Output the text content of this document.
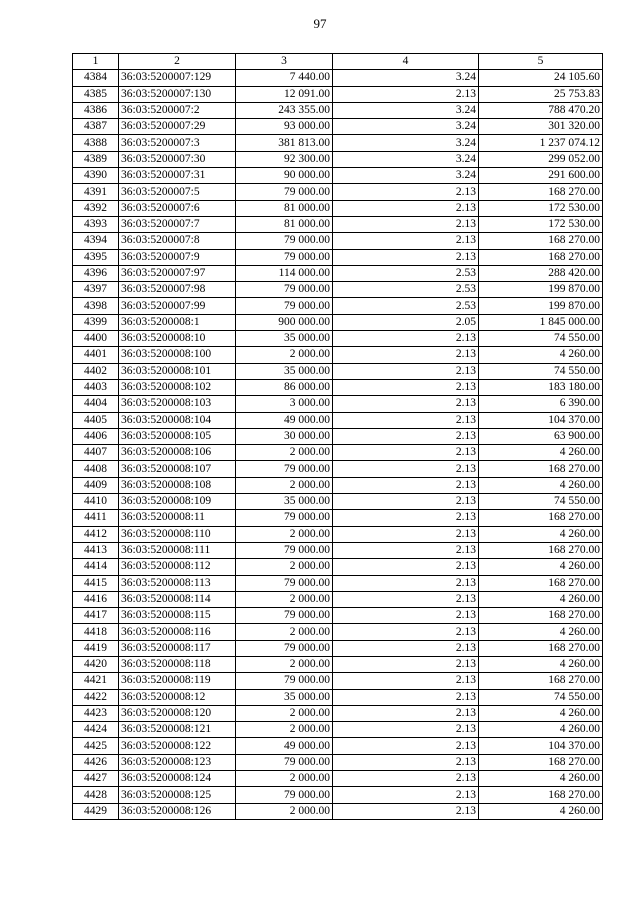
97
1	2	3	4	5
4384	36:03:5200007:129	7 440.00	3.24	24 105.60
4385	36:03:5200007:130	12 091.00	2.13	25 753.83
4386	36:03:5200007:2	243 355.00	3.24	788 470.20
4387	36:03:5200007:29	93 000.00	3.24	301 320.00
4388	36:03:5200007:3	381 813.00	3.24	1 237 074.12
4389	36:03:5200007:30	92 300.00	3.24	299 052.00
4390	36:03:5200007:31	90 000.00	3.24	291 600.00
4391	36:03:5200007:5	79 000.00	2.13	168 270.00
4392	36:03:5200007:6	81 000.00	2.13	172 530.00
4393	36:03:5200007:7	81 000.00	2.13	172 530.00
4394	36:03:5200007:8	79 000.00	2.13	168 270.00
4395	36:03:5200007:9	79 000.00	2.13	168 270.00
4396	36:03:5200007:97	114 000.00	2.53	288 420.00
4397	36:03:5200007:98	79 000.00	2.53	199 870.00
4398	36:03:5200007:99	79 000.00	2.53	199 870.00
4399	36:03:5200008:1	900 000.00	2.05	1 845 000.00
4400	36:03:5200008:10	35 000.00	2.13	74 550.00
4401	36:03:5200008:100	2 000.00	2.13	4 260.00
4402	36:03:5200008:101	35 000.00	2.13	74 550.00
4403	36:03:5200008:102	86 000.00	2.13	183 180.00
4404	36:03:5200008:103	3 000.00	2.13	6 390.00
4405	36:03:5200008:104	49 000.00	2.13	104 370.00
4406	36:03:5200008:105	30 000.00	2.13	63 900.00
4407	36:03:5200008:106	2 000.00	2.13	4 260.00
4408	36:03:5200008:107	79 000.00	2.13	168 270.00
4409	36:03:5200008:108	2 000.00	2.13	4 260.00
4410	36:03:5200008:109	35 000.00	2.13	74 550.00
4411	36:03:5200008:11	79 000.00	2.13	168 270.00
4412	36:03:5200008:110	2 000.00	2.13	4 260.00
4413	36:03:5200008:111	79 000.00	2.13	168 270.00
4414	36:03:5200008:112	2 000.00	2.13	4 260.00
4415	36:03:5200008:113	79 000.00	2.13	168 270.00
4416	36:03:5200008:114	2 000.00	2.13	4 260.00
4417	36:03:5200008:115	79 000.00	2.13	168 270.00
4418	36:03:5200008:116	2 000.00	2.13	4 260.00
4419	36:03:5200008:117	79 000.00	2.13	168 270.00
4420	36:03:5200008:118	2 000.00	2.13	4 260.00
4421	36:03:5200008:119	79 000.00	2.13	168 270.00
4422	36:03:5200008:12	35 000.00	2.13	74 550.00
4423	36:03:5200008:120	2 000.00	2.13	4 260.00
4424	36:03:5200008:121	2 000.00	2.13	4 260.00
4425	36:03:5200008:122	49 000.00	2.13	104 370.00
4426	36:03:5200008:123	79 000.00	2.13	168 270.00
4427	36:03:5200008:124	2 000.00	2.13	4 260.00
4428	36:03:5200008:125	79 000.00	2.13	168 270.00
4429	36:03:5200008:126	2 000.00	2.13	4 260.00
